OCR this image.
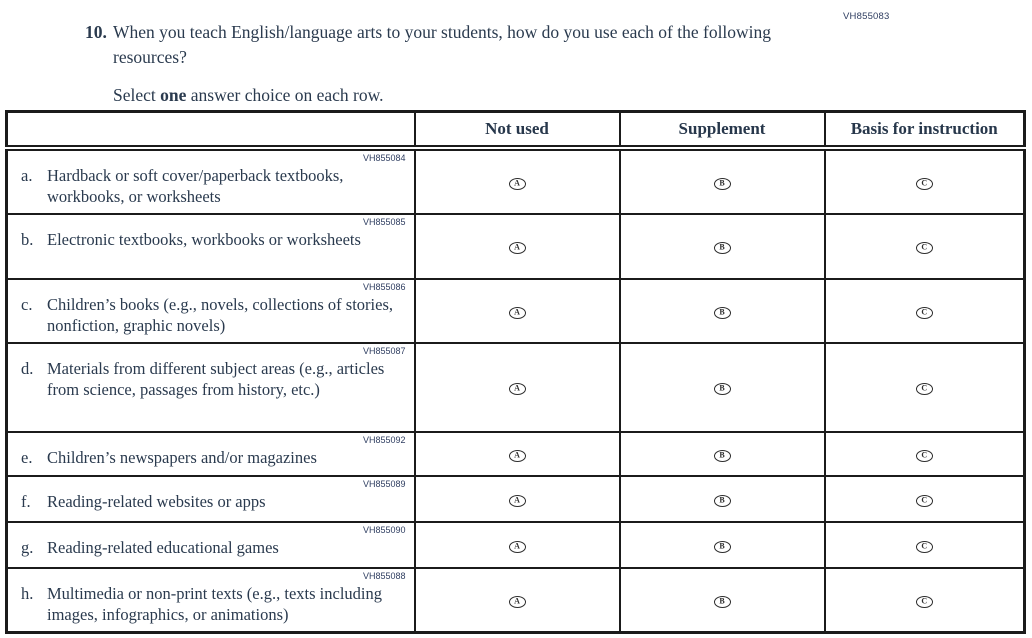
VH855083
10. When you teach English/language arts to your students, how do you use each of the following resources?

Select one answer choice on each row.

	Not used	Supplement	Basis for instruction

VH855084
a. Hardback or soft cover/paperback textbooks, workbooks, or worksheets	A	B	C

VH855085
b. Electronic textbooks, workbooks or worksheets	A	B	C

VH855086
c. Children’s books (e.g., novels, collections of stories, nonfiction, graphic novels)	A	B	C

VH855087
d. Materials from different subject areas (e.g., articles from science, passages from history, etc.)	A	B	C

VH855092
e. Children’s newspapers and/or magazines	A	B	C

VH855089
f. Reading-related websites or apps	A	B	C

VH855090
g. Reading-related educational games	A	B	C

VH855088
h. Multimedia or non-print texts (e.g., texts including images, infographics, or animations)	A	B	C
